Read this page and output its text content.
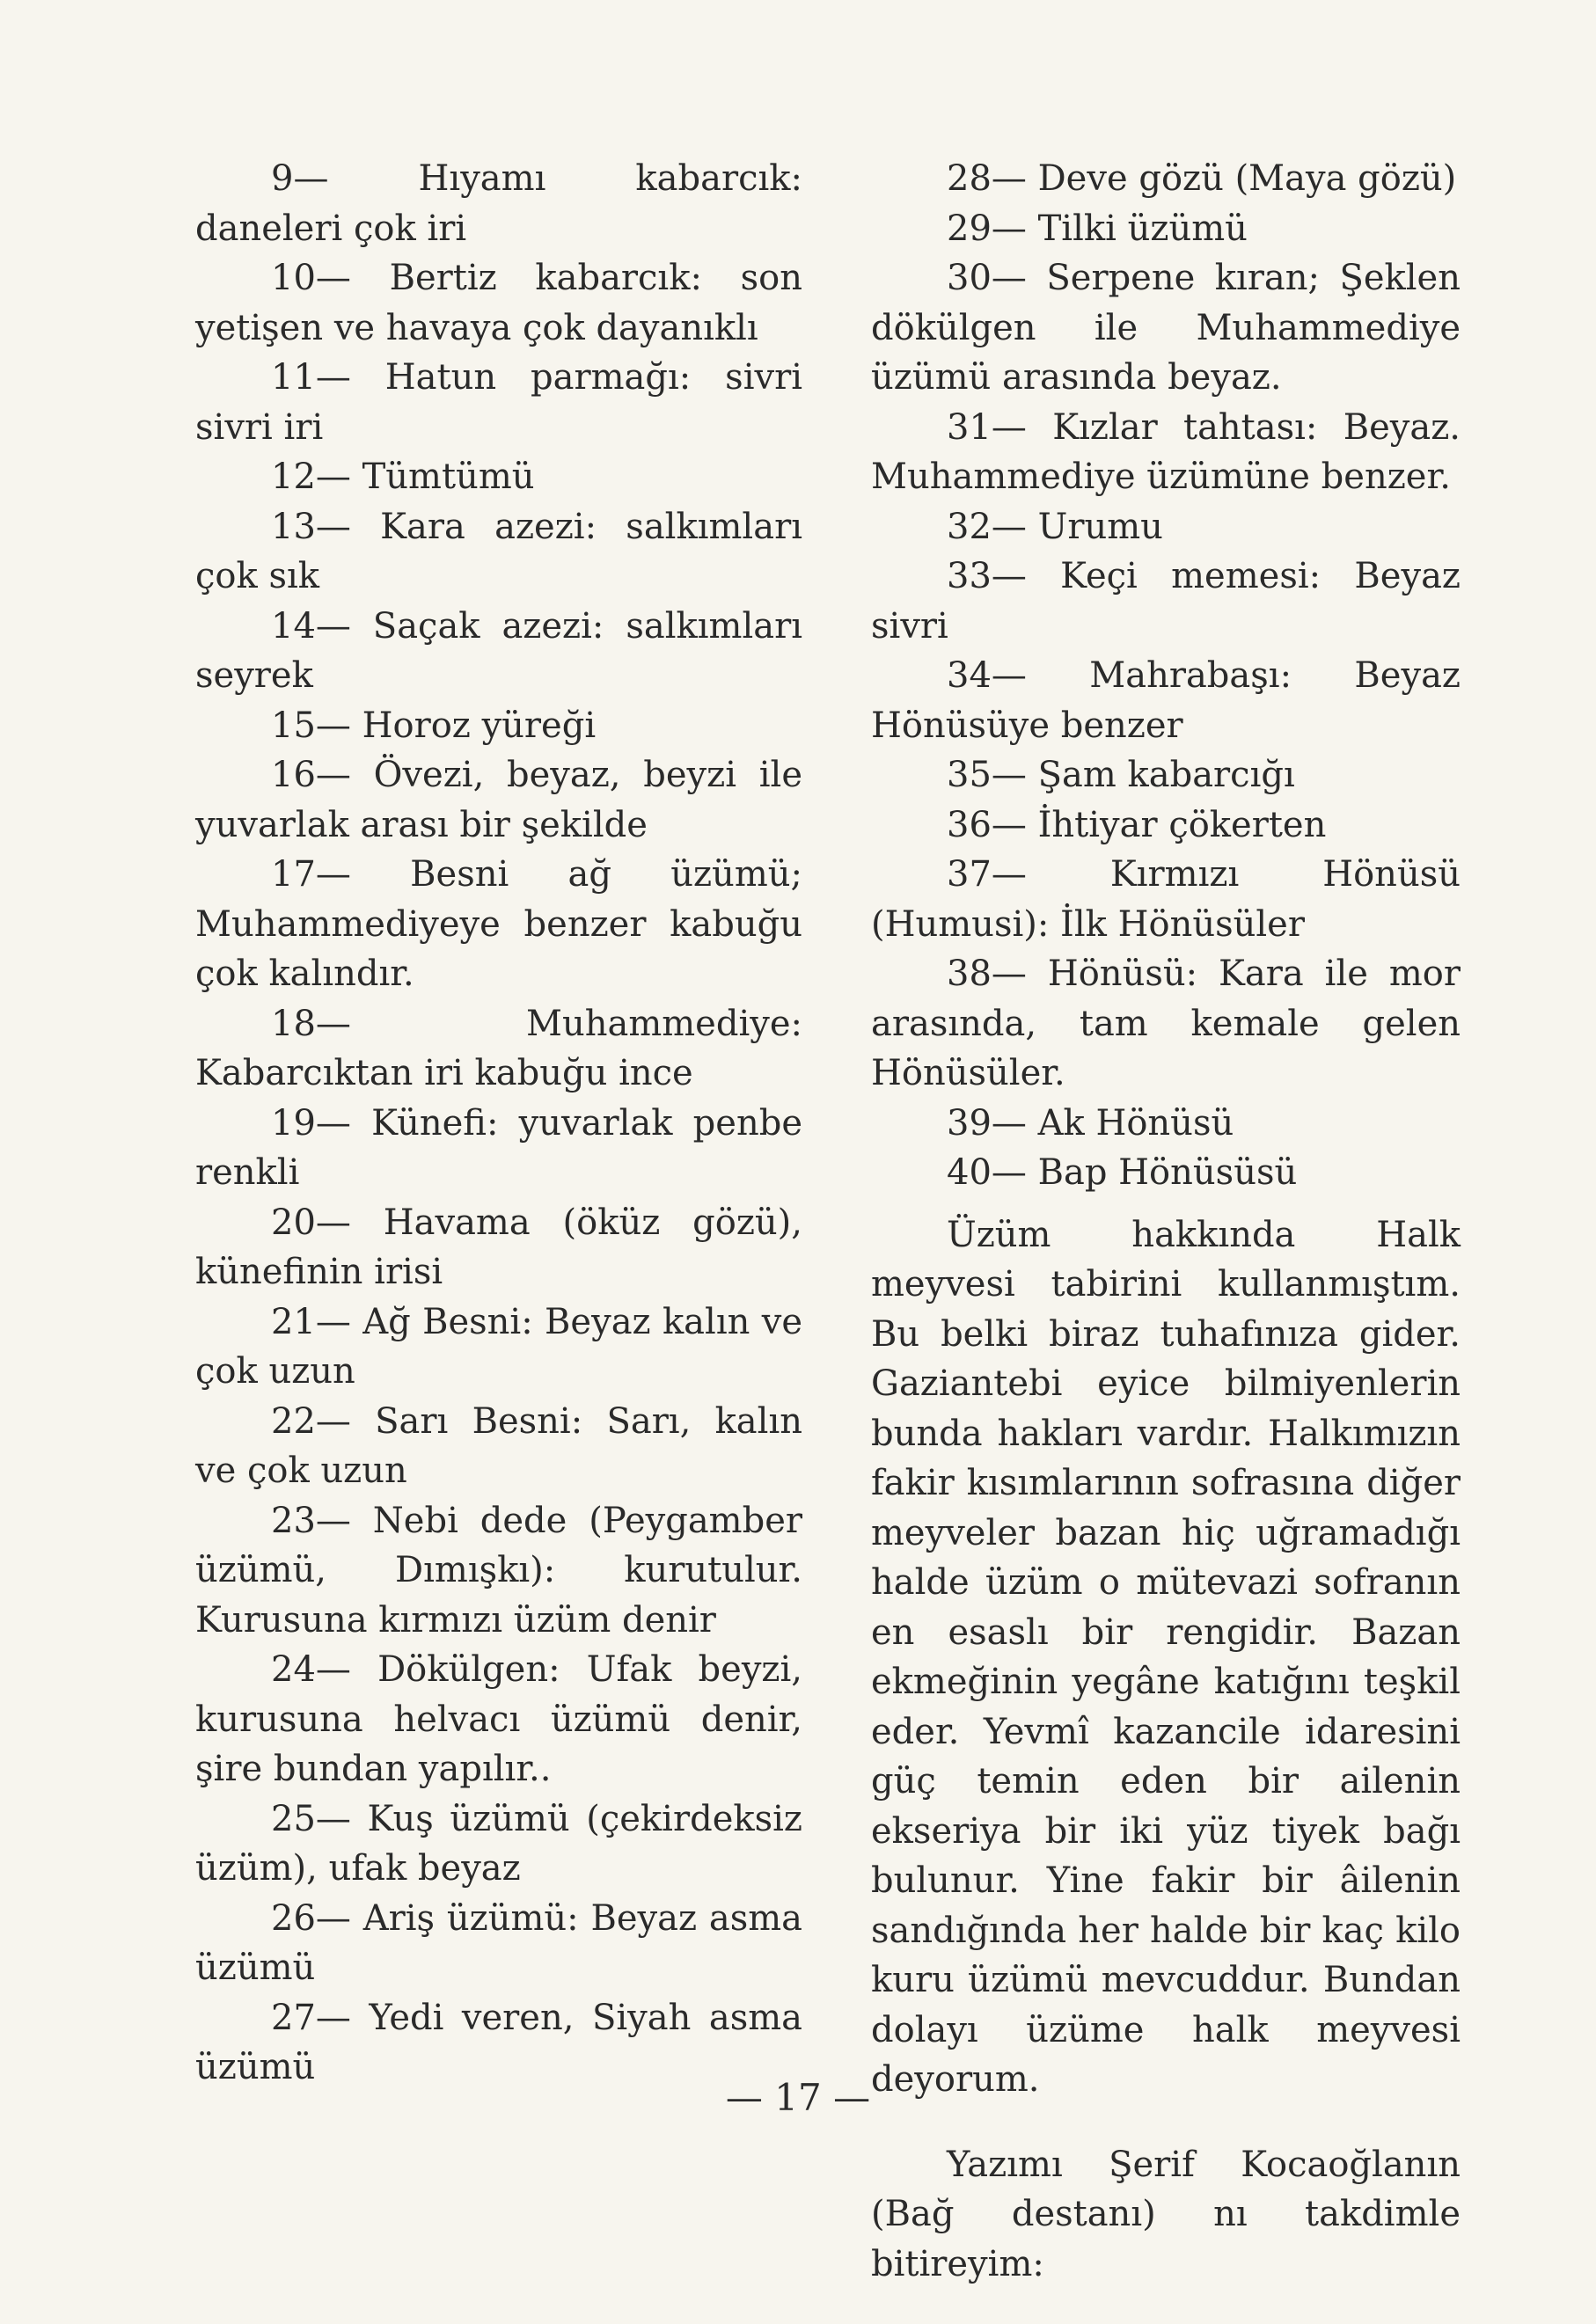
9— Hıyamı kabarcık: daneleri çok iri
10— Bertiz kabarcık: son yetişen ve havaya çok dayanıklı
11— Hatun parmağı: sivri sivri iri
12— Tümtümü
13— Kara azezi: salkımları çok sık
14— Saçak azezi: salkımları seyrek
15— Horoz yüreği
16— Övezi, beyaz, beyzi ile yuvarlak arası bir şekilde
17— Besni ağ üzümü; Muhammediyeye benzer kabuğu çok kalındır.
18— Muhammediye: Kabarcıktan iri kabuğu ince
19— Künefi: yuvarlak penbe renkli
20— Havama (öküz gözü), künefinin irisi
21— Ağ Besni: Beyaz kalın ve çok uzun
22— Sarı Besni: Sarı, kalın ve çok uzun
23— Nebi dede (Peygamber üzümü, Dımışkı): kurutulur. Kurusuna kırmızı üzüm denir
24— Dökülgen: Ufak beyzi, kurusuna helvacı üzümü denir, şire bundan yapılır..
25— Kuş üzümü (çekirdeksiz üzüm), ufak beyaz
26— Ariş üzümü: Beyaz asma üzümü
27— Yedi veren, Siyah asma üzümü
28— Deve gözü (Maya gözü)
29— Tilki üzümü
30— Serpene kıran; Şeklen dökülgen ile Muhammediye üzümü arasında beyaz.
31— Kızlar tahtası: Beyaz. Muhammediye üzümüne benzer.
32— Urumu
33— Keçi memesi: Beyaz sivri
34— Mahrabaşı: Beyaz Hönüsüye benzer
35— Şam kabarcığı
36— İhtiyar çökerten
37— Kırmızı Hönüsü (Humusi): İlk Hönüsüler
38— Hönüsü: Kara ile mor arasında, tam kemale gelen Hönüsüler.
39— Ak Hönüsü
40— Bap Hönüsüsü

Üzüm hakkında Halk meyvesi tabirini kullanmıştım. Bu belki biraz tuhafınıza gider. Gaziantebi eyice bilmiyenlerin bunda hakları vardır. Halkımızın fakir kısımlarının sofrasına diğer meyveler bazan hiç uğramadığı halde üzüm o mütevazi sofranın en esaslı bir rengidir. Bazan ekmeğinin yegâne katığını teşkil eder. Yevmî kazancile idaresini güç temin eden bir ailenin ekseriya bir iki yüz tiyek bağı bulunur. Yine fakir bir âilenin sandığında her halde bir kaç kilo kuru üzümü mevcuddur. Bundan dolayı üzüme halk meyvesi deyorum.

Yazımı Şerif Kocaoğlanın (Bağ destanı) nı takdimle bitireyim:

— 17 —
